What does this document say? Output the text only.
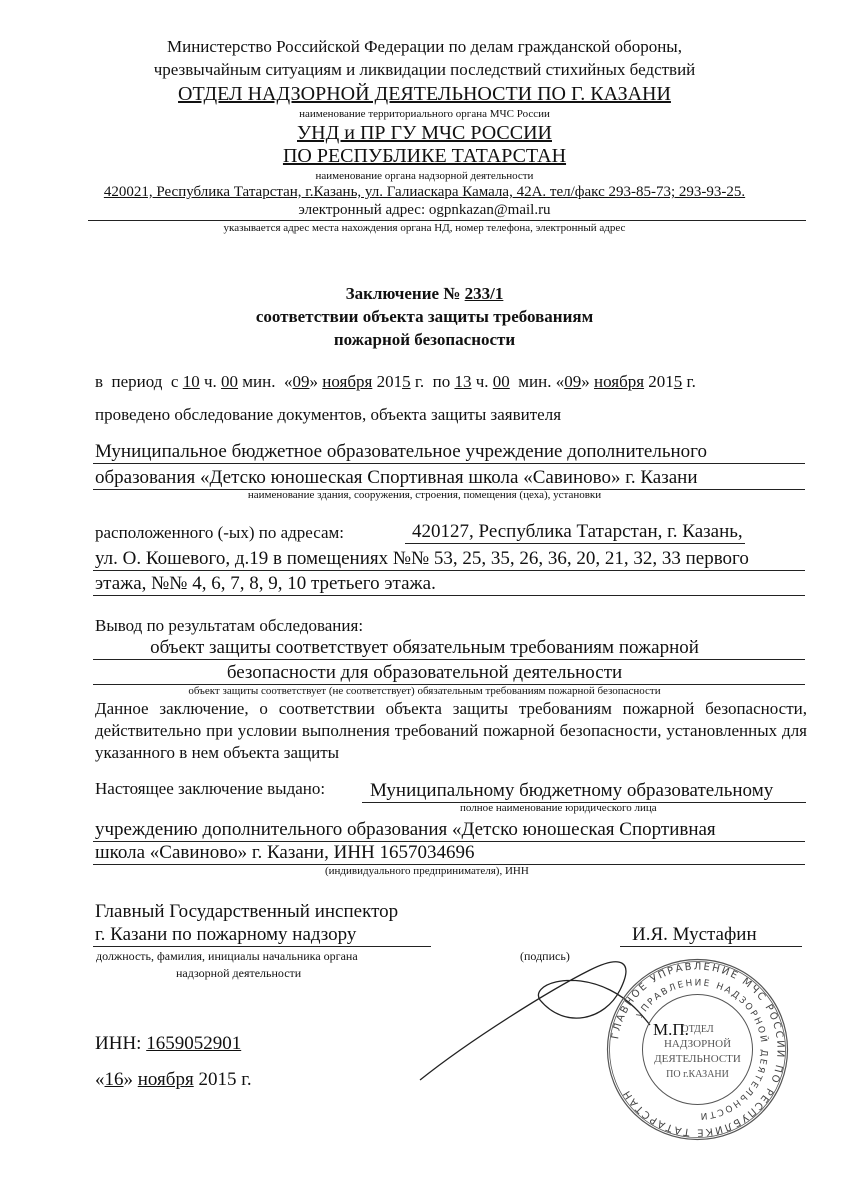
Министерство Российской Федерации по делам гражданской обороны,
чрезвычайным ситуациям и ликвидации последствий стихийных бедствий
ОТДЕЛ НАДЗОРНОЙ ДЕЯТЕЛЬНОСТИ ПО Г. КАЗАНИ
наименование территориального органа МЧС России
УНД и ПР ГУ МЧС РОССИИ
ПО РЕСПУБЛИКЕ ТАТАРСТАН
наименование органа надзорной деятельности
420021, Республика Татарстан, г.Казань, ул. Галиаскара Камала, 42А. тел/факс 293-85-73; 293-93-25.
электронный адрес: ogpnkazan@mail.ru
указывается адрес места нахождения органа НД, номер телефона, электронный адрес
Заключение № 233/1
соответствии объекта защиты требованиям
пожарной безопасности
в  период  с 10 ч. 00 мин.  «09» ноября 2015 г.  по 13 ч. 00  мин. «09» ноября 2015 г.
проведено обследование документов, объекта защиты заявителя
Муниципальное бюджетное образовательное учреждение дополнительного
образования «Детско юношеская Спортивная школа «Савиново» г. Казани
наименование здания, сооружения, строения, помещения (цеха), установки
расположенного (-ых) по адресам:	420127, Республика Татарстан, г. Казань,
ул. О. Кошевого, д.19 в помещениях №№ 53, 25, 35, 26, 36, 20, 21, 32, 33 первого
этажа, №№ 4, 6, 7, 8, 9, 10 третьего этажа.
Вывод по результатам обследования:
объект защиты соответствует обязательным требованиям пожарной
безопасности для образовательной деятельности
объект защиты соответствует (не соответствует) обязательным требованиям пожарной безопасности
Данное заключение, о соответствии объекта защиты требованиям пожарной безопасности, действительно при условии выполнения требований пожарной безопасности, установленных для указанного в нем объекта защиты
Настоящее заключение выдано: Муниципальному бюджетному образовательному
полное наименование юридического лица
учреждению дополнительного образования «Детско юношеская Спортивная
школа «Савиново» г. Казани, ИНН 1657034696
(индивидуального предпринимателя), ИНН
Главный Государственный инспектор
г. Казани по пожарному надзору
должность, фамилия, инициалы начальника органа
надзорной деятельности
(подпись)
И.Я. Мустафин
ГЛАВНОЕ УПРАВЛЕНИЕ МЧС РОССИИ ПО РЕСПУБЛИКЕ ТАТАРСТАН
УПРАВЛЕНИЕ НАДЗОРНОЙ ДЕЯТЕЛЬНОСТИ
ОТДЕЛ
НАДЗОРНОЙ
ДЕЯТЕЛЬНОСТИ
ПО г.КАЗАНИ
М.П.
ИНН: 1659052901
«16» ноября 2015 г.
